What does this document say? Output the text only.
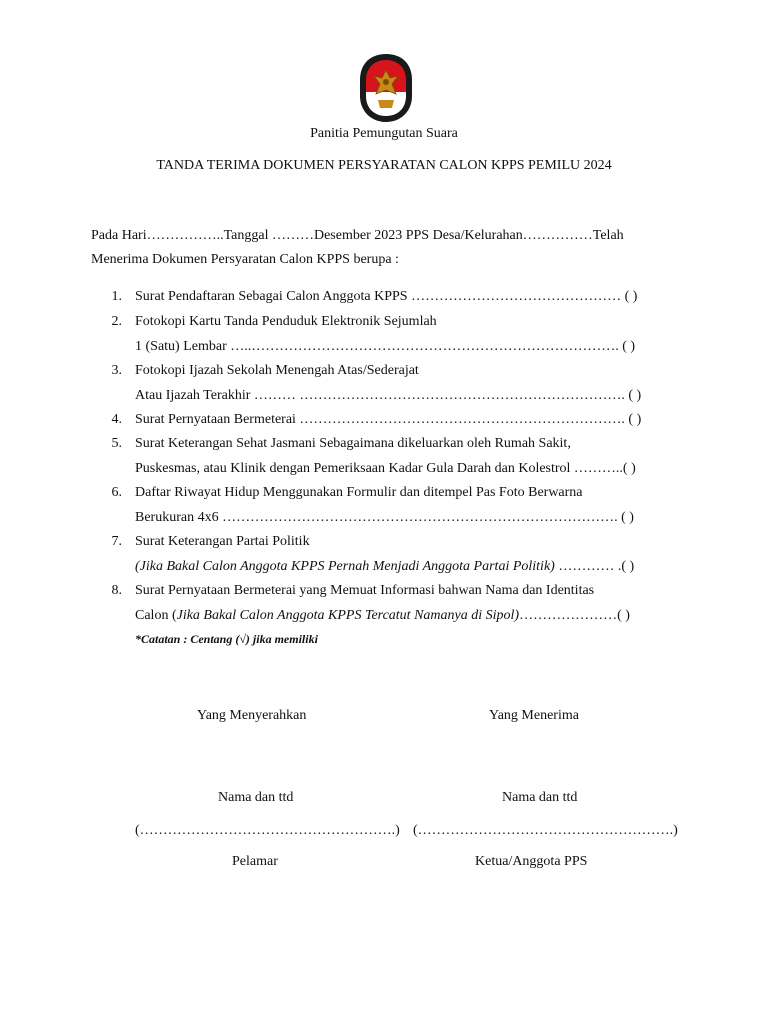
Panitia Pemungutan Suara
TANDA TERIMA DOKUMEN PERSYARATAN CALON KPPS PEMILU 2024
Pada Hari……………..Tanggal ………Desember 2023 PPS Desa/Kelurahan……………Telah
Menerima Dokumen Persyaratan Calon KPPS berupa :
1. Surat Pendaftaran Sebagai Calon Anggota KPPS ……………………………………… ( )
2. Fotokopi Kartu Tanda Penduduk Elektronik Sejumlah
1 (Satu) Lembar …..……………………………………………………………………. ( )
3. Fotokopi Ijazah Sekolah Menengah Atas/Sederajat
Atau Ijazah Terakhir ……… ……………………………………………………………. ( )
4. Surat Pernyataan Bermeterai ……………………………………………………………. ( )
5. Surat Keterangan Sehat Jasmani Sebagaimana dikeluarkan oleh Rumah Sakit,
Puskesmas, atau Klinik dengan Pemeriksaan Kadar Gula Darah dan Kolestrol ………..( )
6. Daftar Riwayat Hidup Menggunakan Formulir dan ditempel Pas Foto Berwarna
Berukuran 4x6 …………………………………………………………………………. ( )
7. Surat Keterangan Partai Politik
(Jika Bakal Calon Anggota KPPS Pernah Menjadi Anggota Partai Politik) ………… .( )
8. Surat Pernyataan Bermeterai yang Memuat Informasi bahwan Nama dan Identitas
Calon (Jika Bakal Calon Anggota KPPS Tercatut Namanya di Sipol)…………………( )
*Catatan : Centang (√) jika memiliki
Yang Menyerahkan	Yang Menerima
Nama dan ttd	Nama dan ttd
(……………………………………………….) (……………………………………………….)
Pelamar	Ketua/Anggota PPS
